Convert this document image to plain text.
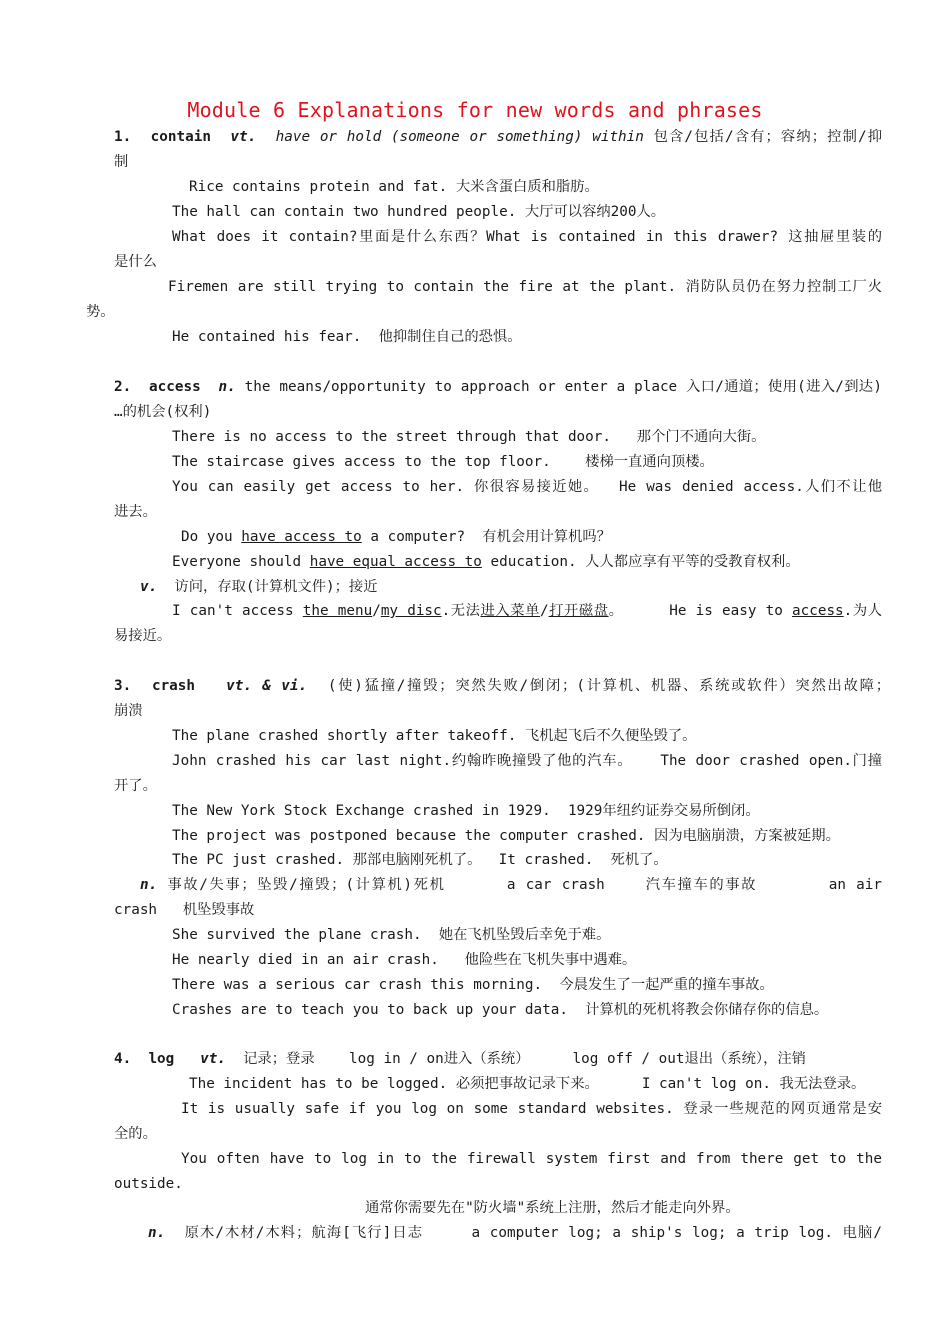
Module 6 Explanations for new words and phrases
1. contain vt. have or hold (someone or something) within 包含/包括/含有；容纳；控制/抑
制
Rice contains protein and fat. 大米含蛋白质和脂肪。
The hall can contain two hundred people. 大厅可以容纳200人。
What does it contain?里面是什么东西？What is contained in this drawer? 这抽屉里装的
是什么
Firemen are still trying to contain the fire at the plant. 消防队员仍在努力控制工厂火
势。
He contained his fear.  他抑制住自己的恐惧。
2. access n. the means/opportunity to approach or enter a place 入口/通道；使用(进入/到达)
…的机会(权利)
There is no access to the street through that door.   那个门不通向大街。
The staircase gives access to the top floor.    楼梯一直通向顶楼。
You can easily get access to her. 你很容易接近她。  He was denied access.人们不让他
进去。
Do you have access to a computer?  有机会用计算机吗？
Everyone should have equal access to education. 人人都应享有平等的受教育权利。
v.  访问，存取(计算机文件)；接近
I can't access the menu/my disc.无法进入菜单/打开磁盘。     He is easy to access.为人
易接近。
3. crash vt. & vi. (使)猛撞/撞毁；突然失败/倒闭；(计算机、机器、系统或软件）突然出故障；
崩溃
The plane crashed shortly after takeoff. 飞机起飞后不久便坠毁了。
John crashed his car last night.约翰昨晚撞毁了他的汽车。   The door crashed open.门撞
开了。
The New York Stock Exchange crashed in 1929.  1929年纽约证券交易所倒闭。
The project was postponed because the computer crashed. 因为电脑崩溃，方案被延期。
The PC just crashed. 那部电脑刚死机了。  It crashed.  死机了。
n. 事故/失事；坠毁/撞毁；(计算机)死机      a car crash    汽车撞车的事故       an air
crash   机坠毁事故
She survived the plane crash.  她在飞机坠毁后幸免于难。
He nearly died in an air crash.   他险些在飞机失事中遇难。
There was a serious car crash this morning.  今晨发生了一起严重的撞车事故。
Crashes are to teach you to back up your data.  计算机的死机将教会你储存你的信息。
4. log vt.  记录；登录    log in / on进入（系统）     log off / out退出（系统），注销
The incident has to be logged. 必须把事故记录下来。     I can't log on. 我无法登录。
It is usually safe if you log on some standard websites. 登录一些规范的网页通常是安
全的。
You often have to log in to the firewall system first and from there get to the
outside.
通常你需要先在"防火墙"系统上注册，然后才能走向外界。
n.  原木/木材/木料；航海[飞行]日志     a computer log; a ship's log; a trip log. 电脑/
